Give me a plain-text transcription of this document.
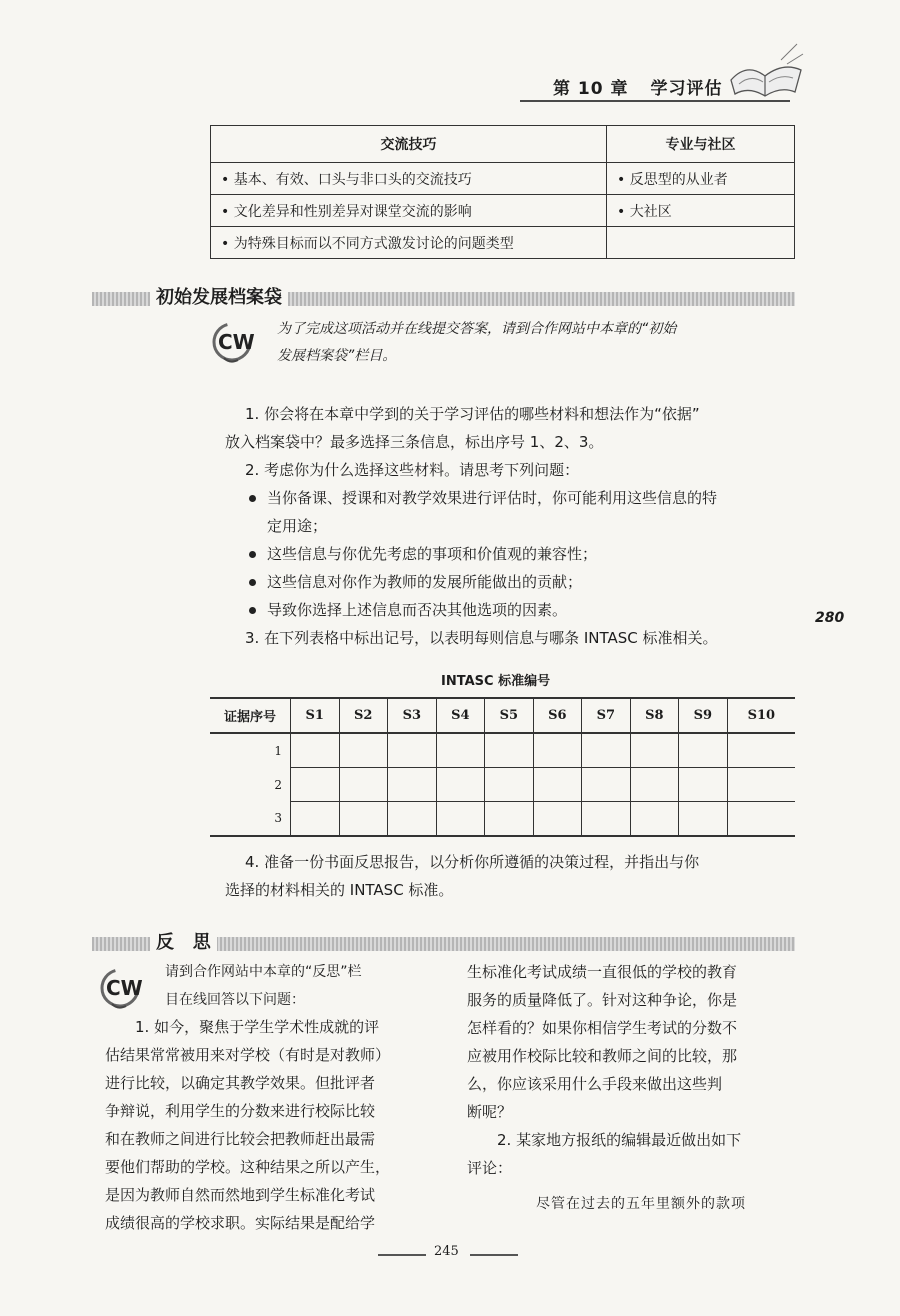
第 10 章 学习评估
交流技巧	专业与社区
• 基本、有效、口头与非口头的交流技巧	• 反思型的从业者
• 文化差异和性别差异对课堂交流的影响	• 大社区
• 为特殊目标而以不同方式激发讨论的问题类型	
初始发展档案袋
CW
为了完成这项活动并在线提交答案，请到合作网站中本章的“初始
发展档案袋”栏目。
1. 你会将在本章中学到的关于学习评估的哪些材料和想法作为“依据”
放入档案袋中？最多选择三条信息，标出序号 1、2、3。
2. 考虑你为什么选择这些材料。请思考下列问题：
当你备课、授课和对教学效果进行评估时，你可能利用这些信息的特
定用途；
这些信息与你优先考虑的事项和价值观的兼容性；
这些信息对你作为教师的发展所能做出的贡献；
导致你选择上述信息而否决其他选项的因素。
3. 在下列表格中标出记号，以表明每则信息与哪条 INTASC 标准相关。
280
INTASC 标准编号
证据序号	S1	S2	S3	S4	S5	S6	S7	S8	S9	S10
1										
2										
3										
4. 准备一份书面反思报告，以分析你所遵循的决策过程，并指出与你
选择的材料相关的 INTASC 标准。
反   思
CW
请到合作网站中本章的“反思”栏
目在线回答以下问题：
1. 如今，聚焦于学生学术性成就的评
估结果常常被用来对学校（有时是对教师）
进行比较，以确定其教学效果。但批评者
争辩说，利用学生的分数来进行校际比较
和在教师之间进行比较会把教师赶出最需
要他们帮助的学校。这种结果之所以产生，
是因为教师自然而然地到学生标准化考试
成绩很高的学校求职。实际结果是配给学
生标准化考试成绩一直很低的学校的教育
服务的质量降低了。针对这种争论，你是
怎样看的？如果你相信学生考试的分数不
应被用作校际比较和教师之间的比较，那
么，你应该采用什么手段来做出这些判
断呢？
2. 某家地方报纸的编辑最近做出如下
评论：
尽管在过去的五年里额外的款项
245
